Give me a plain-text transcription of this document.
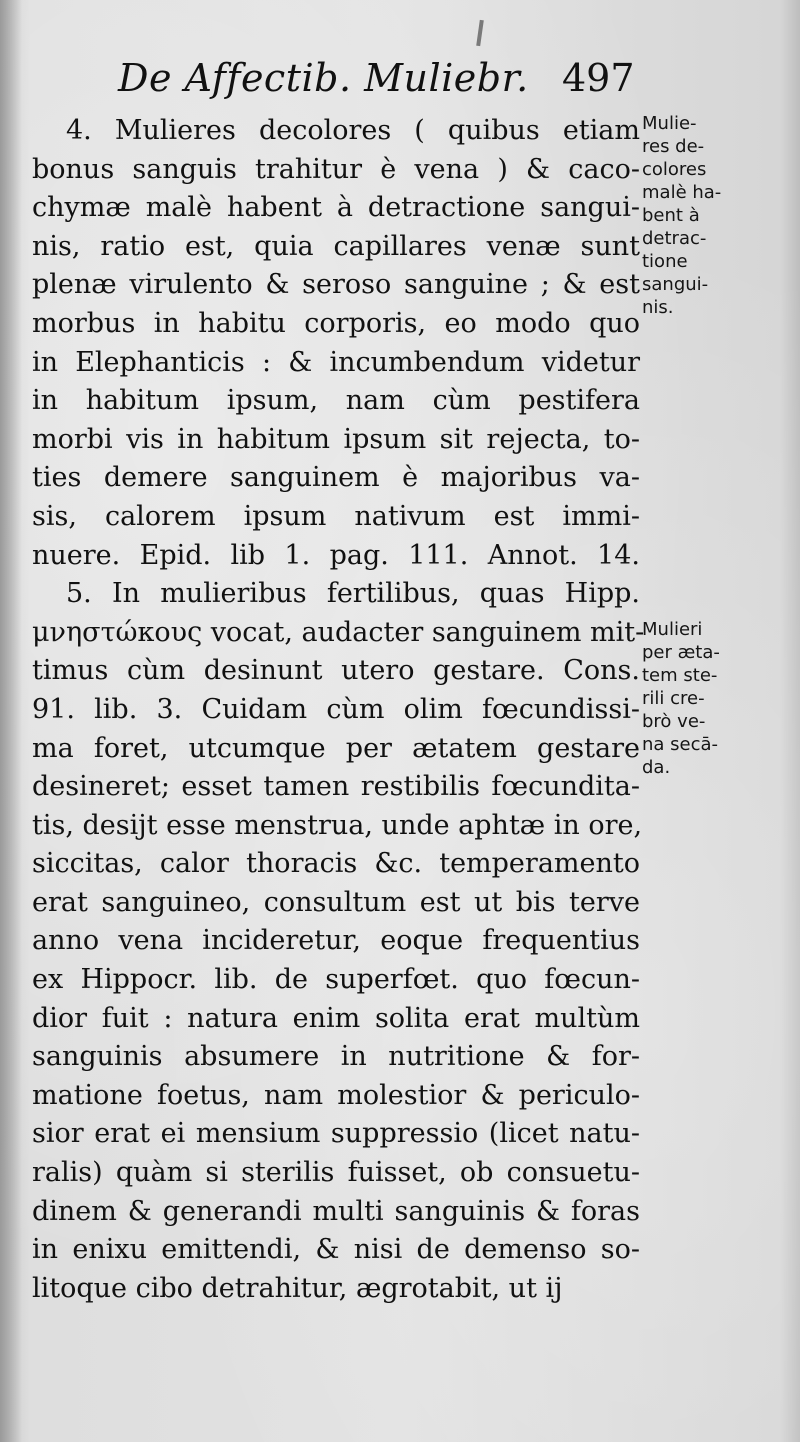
De Affectib. Muliebr. 497
4. Mulieres decolores ( quibus etiam
bonus sanguis trahitur è vena ) & caco-
chymæ malè habent à detractione sangui-
nis, ratio est, quia capillares venæ sunt
plenæ virulento & seroso sanguine ; & est
morbus in habitu corporis, eo modo quo
in Elephanticis : & incumbendum videtur
in habitum ipsum, nam cùm pestifera
morbi vis in habitum ipsum sit rejecta, to-
ties demere sanguinem è majoribus va-
sis, calorem ipsum nativum est immi-
nuere. Epid. lib 1. pag. 111. Annot. 14.
5. In mulieribus fertilibus, quas Hipp.
μνηστώκους vocat, audacter sanguinem mit-
timus cùm desinunt utero gestare. Cons.
91. lib. 3. Cuidam cùm olim fœcundissi-
ma foret, utcumque per ætatem gestare
desineret; esset tamen restibilis fœcundita-
tis, desijt esse menstrua, unde aphtæ in ore,
siccitas, calor thoracis &c. temperamento
erat sanguineo, consultum est ut bis terve
anno vena incideretur, eoque frequentius
ex Hippocr. lib. de superfœt. quo fœcun-
dior fuit : natura enim solita erat multùm
sanguinis absumere in nutritione & for-
matione foetus, nam molestior & periculo-
sior erat ei mensium suppressio (licet natu-
ralis) quàm si sterilis fuisset, ob consuetu-
dinem & generandi multi sanguinis & foras
in enixu emittendi, & nisi de demenso so-
litoque cibo detrahitur, ægrotabit, ut ij
Mulie-
res de-
colores
malè ha-
bent à
detrac-
tione
sangui-
nis.
Mulieri
per æta-
tem ste-
rili cre-
brò ve-
na secā-
da.
